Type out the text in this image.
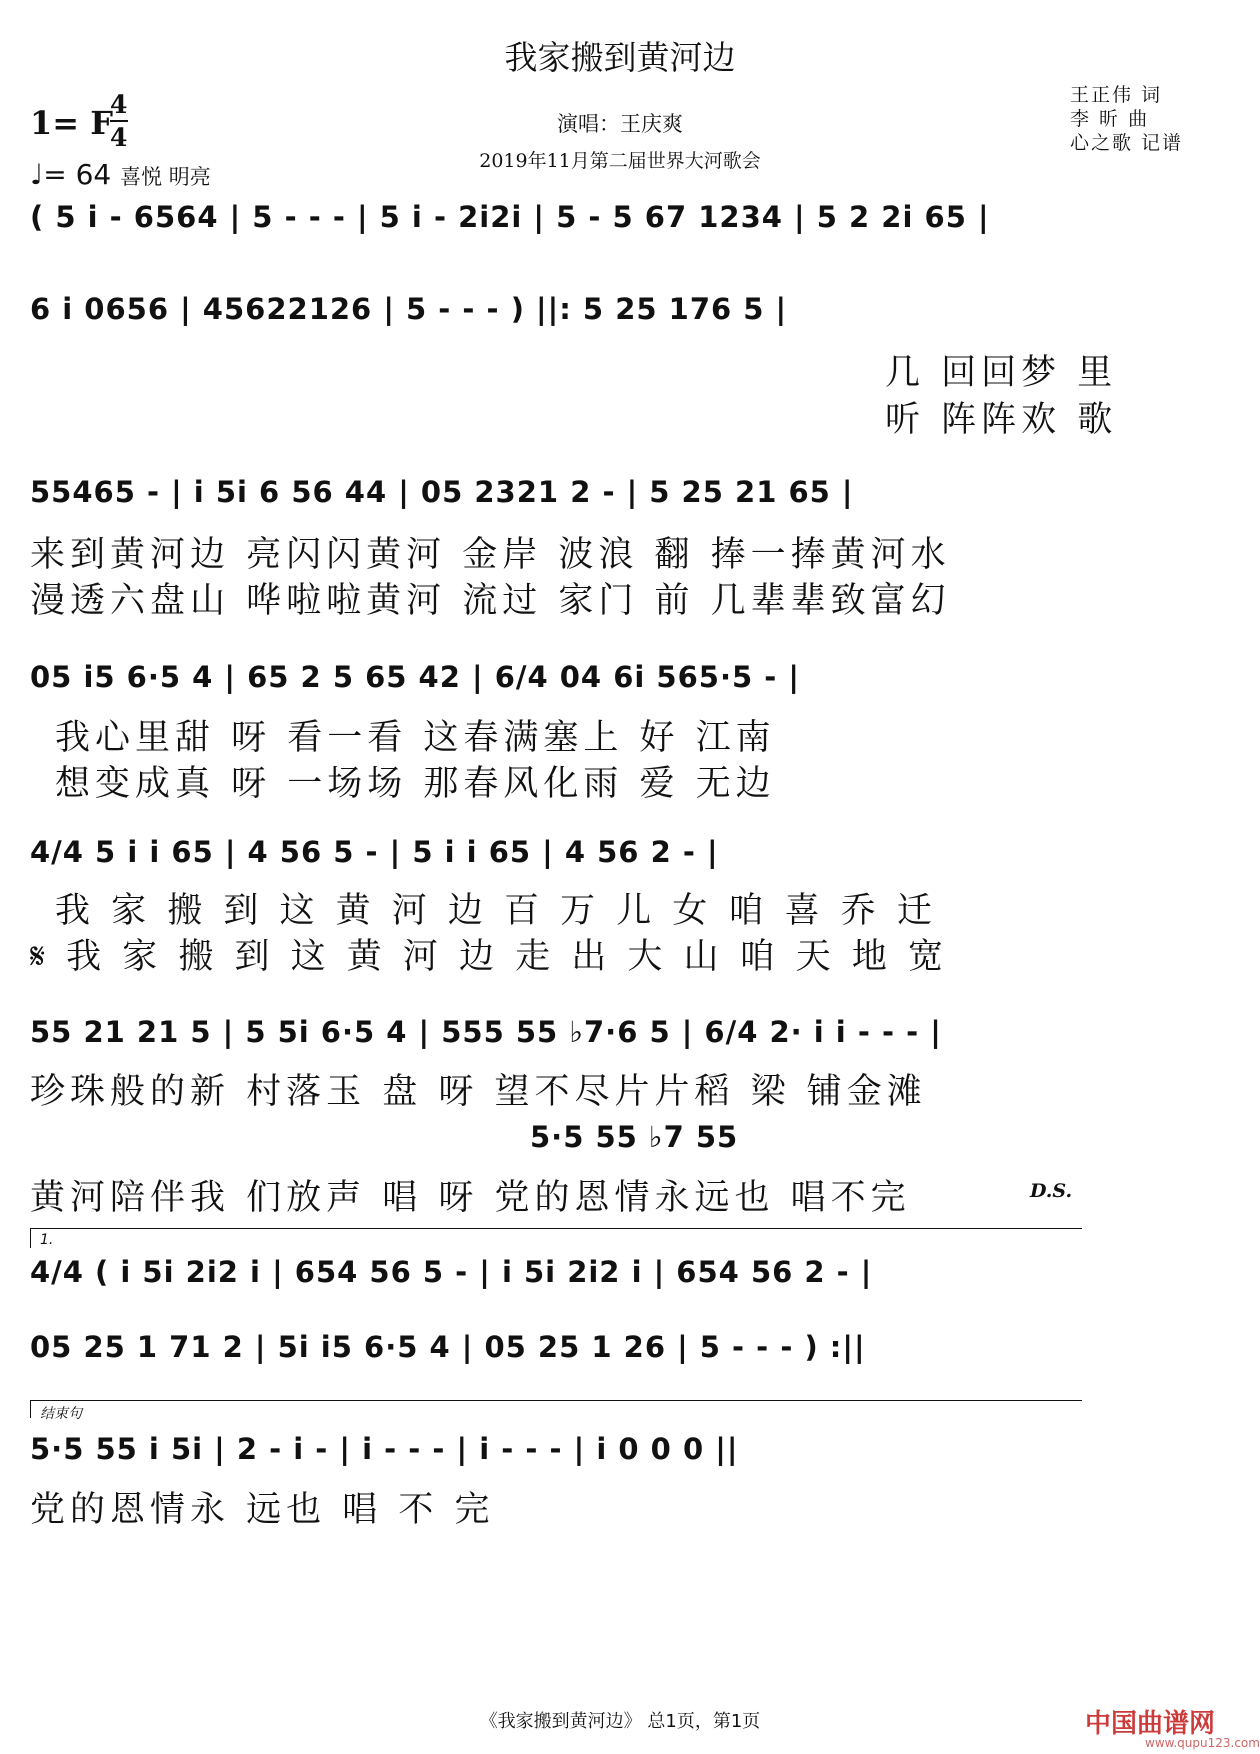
我家搬到黄河边
1= F
4
4
♩= 64 喜悦 明亮
演唱：王庆爽
2019年11月第二届世界大河歌会
王正伟 词
李 昕 曲
心之歌 记谱
( 5 i - 6564 | 5 - - - | 5 i - 2i2i | 5 - 5 67 1234 | 5 2 2i 65 |
6 i 0656 | 45622126 | 5 - - - ) ||: 5 25 176 5 |
几 回回梦 里
听 阵阵欢 歌
55465 - | i 5i 6 56 44 | 05 2321 2 - | 5 25 21 65 |
来到黄河边 亮闪闪黄河 金岸 波浪 翻 捧一捧黄河水
漫透六盘山 哗啦啦黄河 流过 家门 前 几辈辈致富幻
05 i5 6·5 4 | 65 2 5 65 42 | 6/4 04 6i 565·5 - |
我心里甜 呀 看一看 这春满塞上 好 江南
想变成真 呀 一场场 那春风化雨 爱 无边
4/4 5 i i 65 | 4 56 5 - | 5 i i 65 | 4 56 2 - |
我 家 搬 到 这 黄 河 边 百 万 儿 女 咱 喜 乔 迁
𝄋 我 家 搬 到 这 黄 河 边 走 出 大 山 咱 天 地 宽
55 21 21 5 | 5 5i 6·5 4 | 555 55 ♭7·6 5 | 6/4 2· i i - - - |
珍珠般的新 村落玉 盘 呀 望不尽片片稻 梁 铺金滩
5·5 55 ♭7 55
黄河陪伴我 们放声 唱 呀 党的恩情永远也 唱不完	D.S.
1.
4/4 ( i 5i 2i2 i | 654 56 5 - | i 5i 2i2 i | 654 56 2 - |
05 25 1 71 2 | 5i i5 6·5 4 | 05 25 1 26 | 5 - - - ) :||
结束句
5·5 55 i 5i | 2 - i - | i - - - | i - - - | i 0 0 0 ||
党的恩情永 远也 唱 不 完
《我家搬到黄河边》 总1页，第1页	中国曲谱网
www.qupu123.com
